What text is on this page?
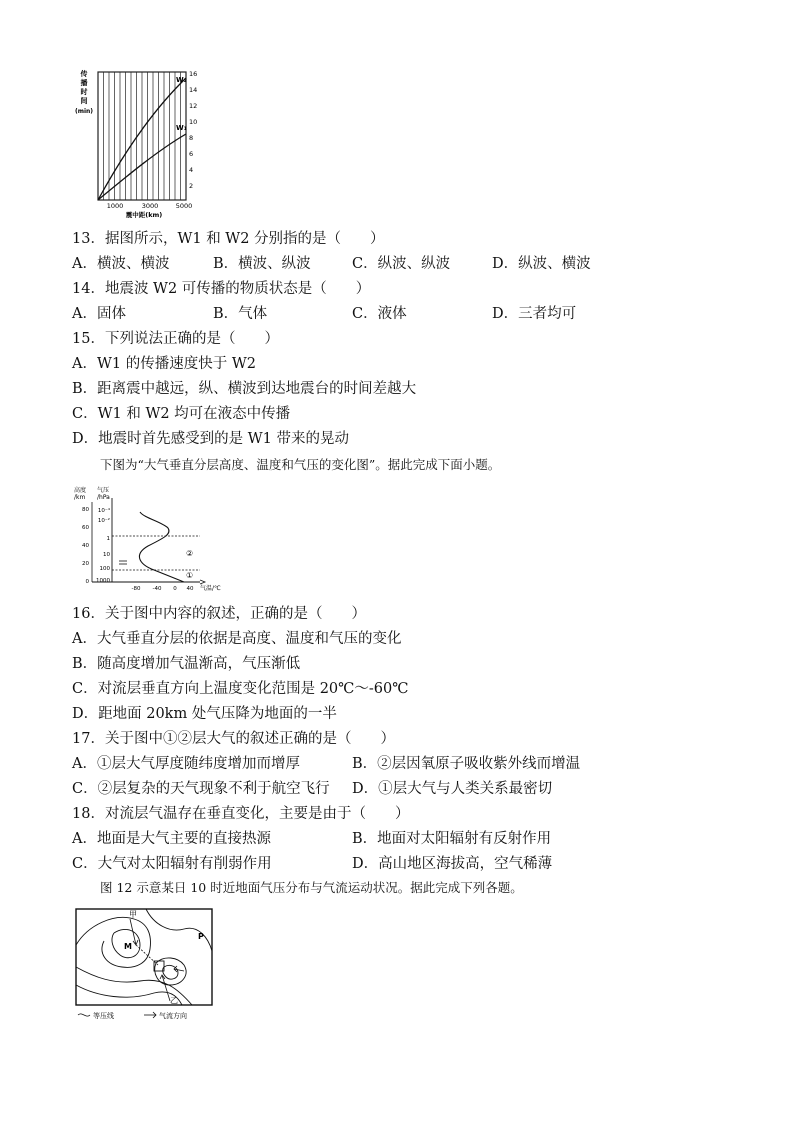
传
播
时
间
(min)
16
14
12
10
8
6
4
2
1000	3000	5000
震中距(km)
W₂
W₁
13．据图所示，W1 和 W2 分别指的是（　　）
A．横波、横波	B．横波、纵波	C．纵波、纵波	D．纵波、横波
14．地震波 W2 可传播的物质状态是（　　）
A．固体	B．气体	C．液体	D．三者均可
15．下列说法正确的是（　　）
A．W1 的传播速度快于 W2
B．距离震中越远，纵、横波到达地震台的时间差越大
C．W1 和 W2 均可在液态中传播
D．地震时首先感受到的是 W1 带来的晃动
下图为“大气垂直分层高度、温度和气压的变化图”。据此完成下面小题。
高度
/km
气压
/hPa
80
60
40
20
0
10⁻⁴
10⁻²
1
10
100
1000
②
①
-80 -40 0 40 气温/℃
16．关于图中内容的叙述，正确的是（　　）
A．大气垂直分层的依据是高度、温度和气压的变化
B．随高度增加气温渐高，气压渐低
C．对流层垂直方向上温度变化范围是 20℃～-60℃
D．距地面 20km 处气压降为地面的一半
17．关于图中①②层大气的叙述正确的是（　　）
A．①层大气厚度随纬度增加而增厚	B．②层因氧原子吸收紫外线而增温
C．②层复杂的天气现象不利于航空飞行 D．①层大气与人类关系最密切
18．对流层气温存在垂直变化，主要是由于（　　）
A．地面是大气主要的直接热源	B．地面对太阳辐射有反射作用
C．大气对太阳辐射有削弱作用	D．高山地区海拔高，空气稀薄
图 12 示意某日 10 时近地面气压分布与气流运动状况。据此完成下列各题。
甲
M
P
乙
等压线	气流方向
